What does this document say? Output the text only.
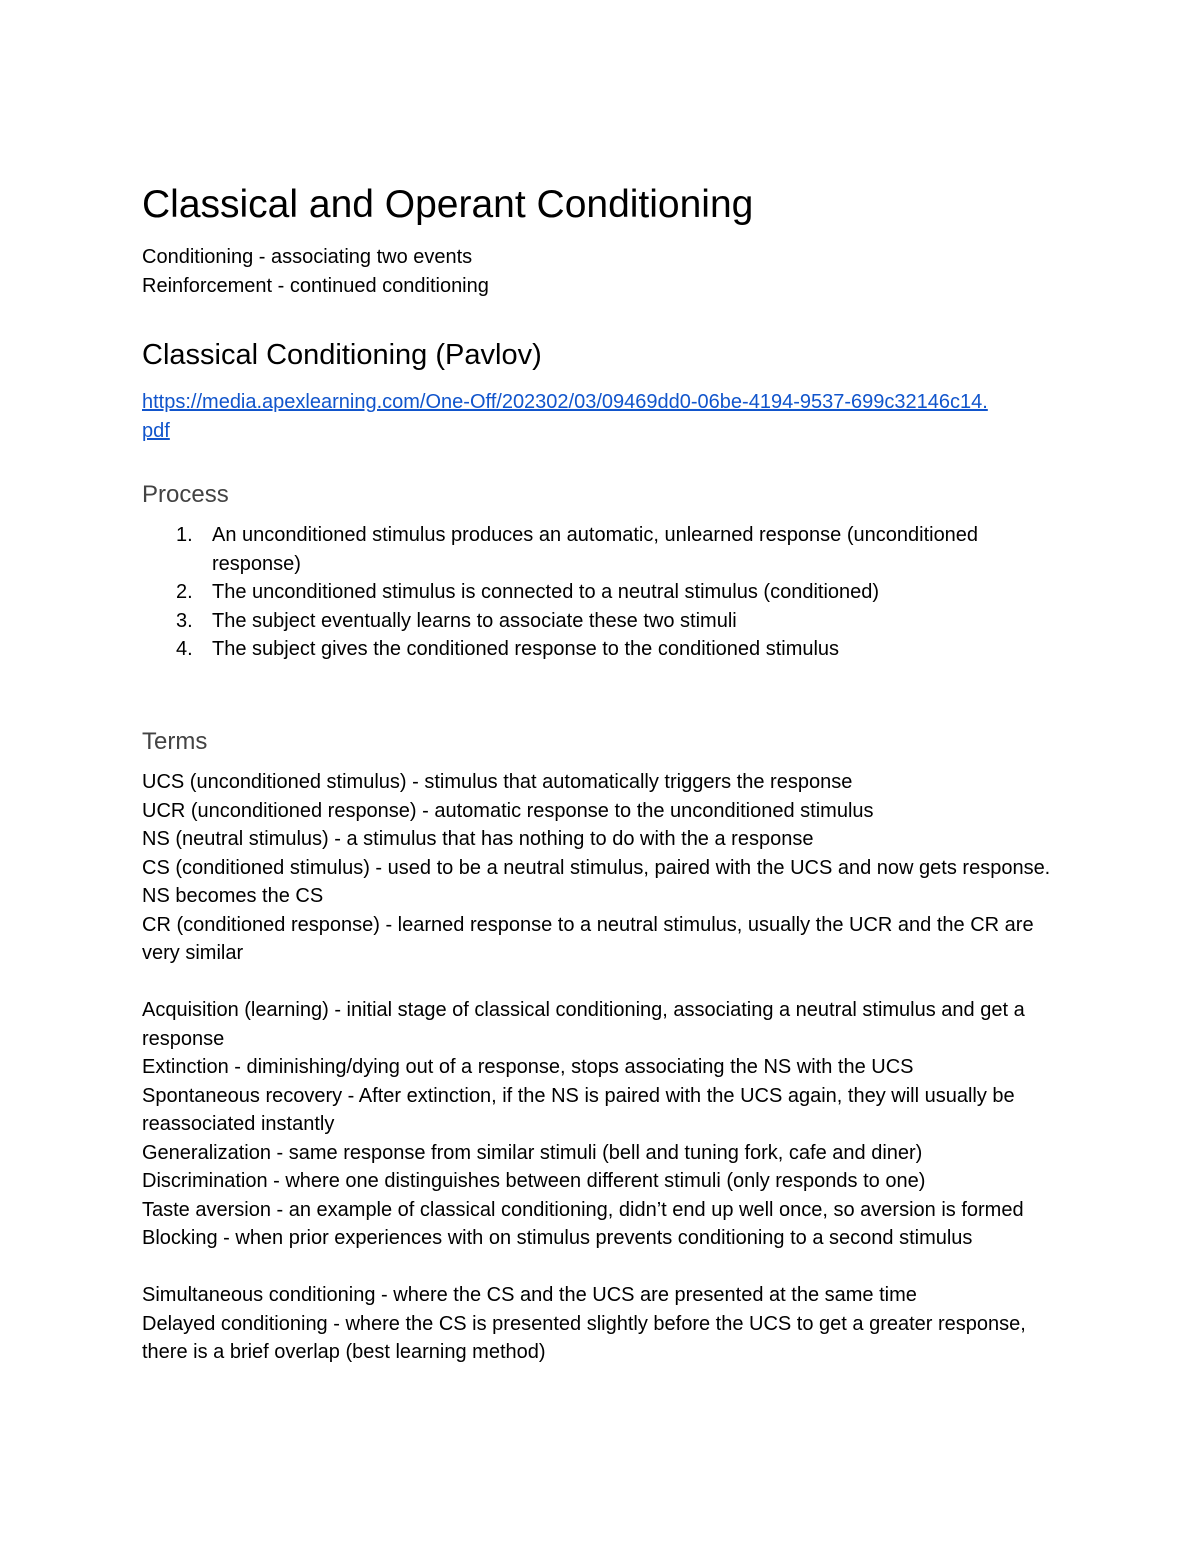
Classical and Operant Conditioning
Conditioning - associating two events
Reinforcement - continued conditioning
Classical Conditioning (Pavlov)
https://media.apexlearning.com/One-Off/202302/03/09469dd0-06be-4194-9537-699c32146c14.
pdf
Process
1. An unconditioned stimulus produces an automatic, unlearned response (unconditioned response)
2. The unconditioned stimulus is connected to a neutral stimulus (conditioned)
3. The subject eventually learns to associate these two stimuli
4. The subject gives the conditioned response to the conditioned stimulus
Terms
UCS (unconditioned stimulus) - stimulus that automatically triggers the response
UCR (unconditioned response) - automatic response to the unconditioned stimulus
NS (neutral stimulus) - a stimulus that has nothing to do with the a response
CS (conditioned stimulus) - used to be a neutral stimulus, paired with the UCS and now gets response. NS becomes the CS
CR (conditioned response) - learned response to a neutral stimulus, usually the UCR and the CR are very similar
Acquisition (learning) - initial stage of classical conditioning, associating a neutral stimulus and get a response
Extinction - diminishing/dying out of a response, stops associating the NS with the UCS
Spontaneous recovery - After extinction, if the NS is paired with the UCS again, they will usually be reassociated instantly
Generalization - same response from similar stimuli (bell and tuning fork, cafe and diner)
Discrimination - where one distinguishes between different stimuli (only responds to one)
Taste aversion - an example of classical conditioning, didn’t end up well once, so aversion is formed
Blocking - when prior experiences with on stimulus prevents conditioning to a second stimulus
Simultaneous conditioning - where the CS and the UCS are presented at the same time
Delayed conditioning - where the CS is presented slightly before the UCS to get a greater response, there is a brief overlap (best learning method)
